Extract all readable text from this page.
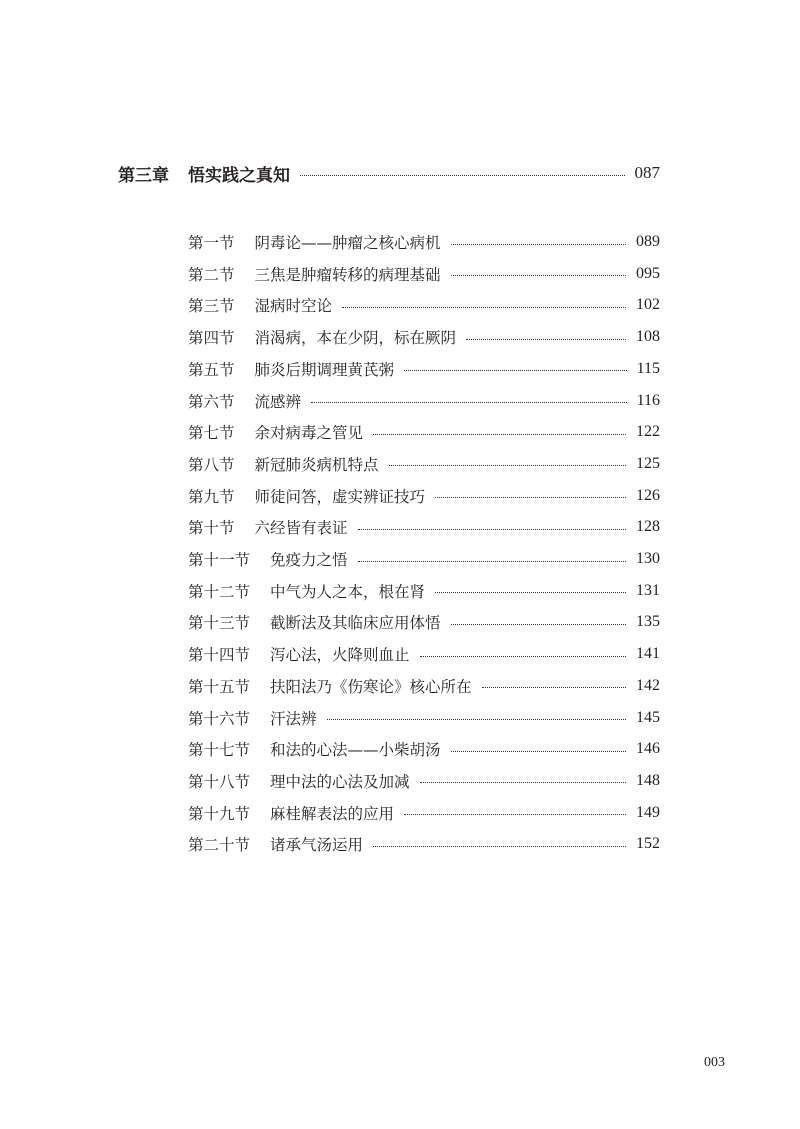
第三章	悟实践之真知	087
第一节 阴毒论——肿瘤之核心病机	089
第二节 三焦是肿瘤转移的病理基础	095
第三节 湿病时空论	102
第四节 消渴病，本在少阴，标在厥阴	108
第五节 肺炎后期调理黄芪粥	115
第六节 流感辨	116
第七节 余对病毒之管见	122
第八节 新冠肺炎病机特点	125
第九节 师徒问答，虚实辨证技巧	126
第十节 六经皆有表证	128
第十一节 免疫力之悟	130
第十二节 中气为人之本，根在肾	131
第十三节 截断法及其临床应用体悟	135
第十四节 泻心法，火降则血止	141
第十五节 扶阳法乃《伤寒论》核心所在	142
第十六节 汗法辨	145
第十七节 和法的心法——小柴胡汤	146
第十八节 理中法的心法及加减	148
第十九节 麻桂解表法的应用	149
第二十节 诸承气汤运用	152
003
